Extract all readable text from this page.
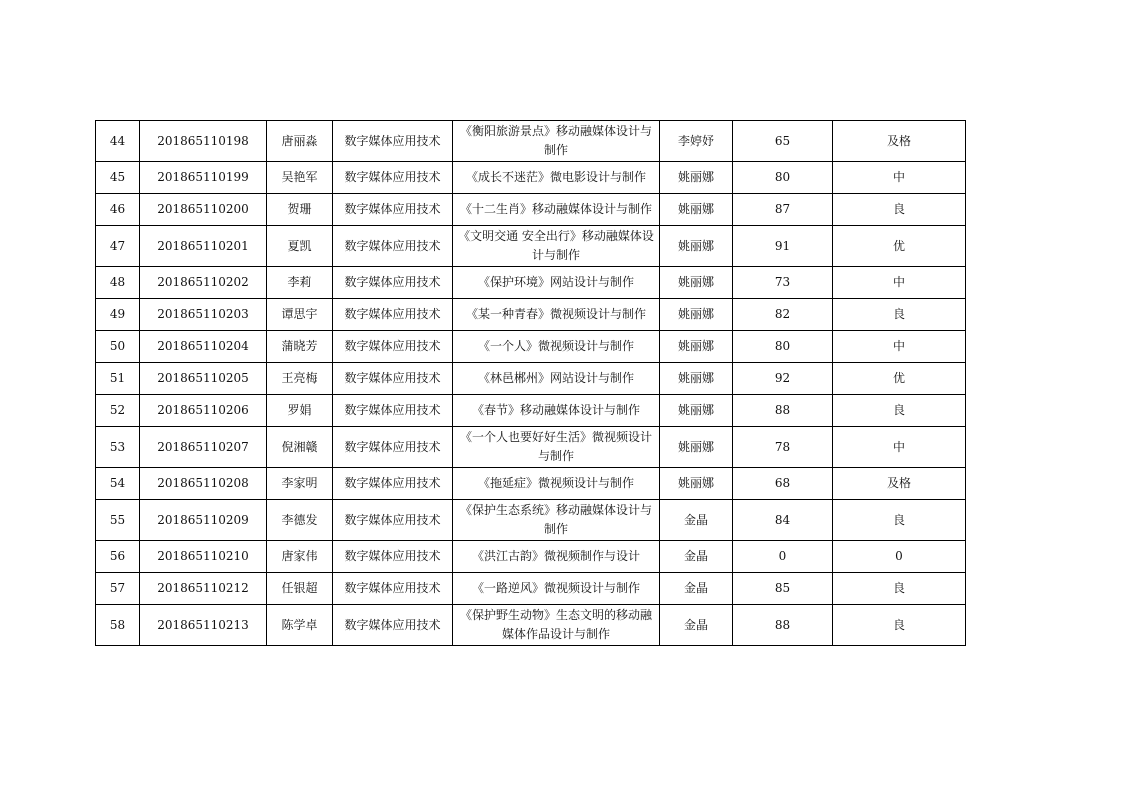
44	201865110198	唐丽淼	数字媒体应用技术	《衡阳旅游景点》移动融媒体设计与制作	李婷妤	65	及格
45	201865110199	吴艳军	数字媒体应用技术	《成长不迷茫》微电影设计与制作	姚丽娜	80	中
46	201865110200	贺珊	数字媒体应用技术	《十二生肖》移动融媒体设计与制作	姚丽娜	87	良
47	201865110201	夏凯	数字媒体应用技术	《文明交通 安全出行》移动融媒体设计与制作	姚丽娜	91	优
48	201865110202	李莉	数字媒体应用技术	《保护环境》网站设计与制作	姚丽娜	73	中
49	201865110203	谭思宇	数字媒体应用技术	《某一种青春》微视频设计与制作	姚丽娜	82	良
50	201865110204	蒲晓芳	数字媒体应用技术	《一个人》微视频设计与制作	姚丽娜	80	中
51	201865110205	王亮梅	数字媒体应用技术	《林邑郴州》网站设计与制作	姚丽娜	92	优
52	201865110206	罗娟	数字媒体应用技术	《春节》移动融媒体设计与制作	姚丽娜	88	良
53	201865110207	倪湘赣	数字媒体应用技术	《一个人也要好好生活》微视频设计与制作	姚丽娜	78	中
54	201865110208	李家明	数字媒体应用技术	《拖延症》微视频设计与制作	姚丽娜	68	及格
55	201865110209	李德发	数字媒体应用技术	《保护生态系统》移动融媒体设计与制作	金晶	84	良
56	201865110210	唐家伟	数字媒体应用技术	《洪江古韵》微视频制作与设计	金晶	0	0
57	201865110212	任银超	数字媒体应用技术	《一路逆风》微视频设计与制作	金晶	85	良
58	201865110213	陈学卓	数字媒体应用技术	《保护野生动物》生态文明的移动融媒体作品设计与制作	金晶	88	良
